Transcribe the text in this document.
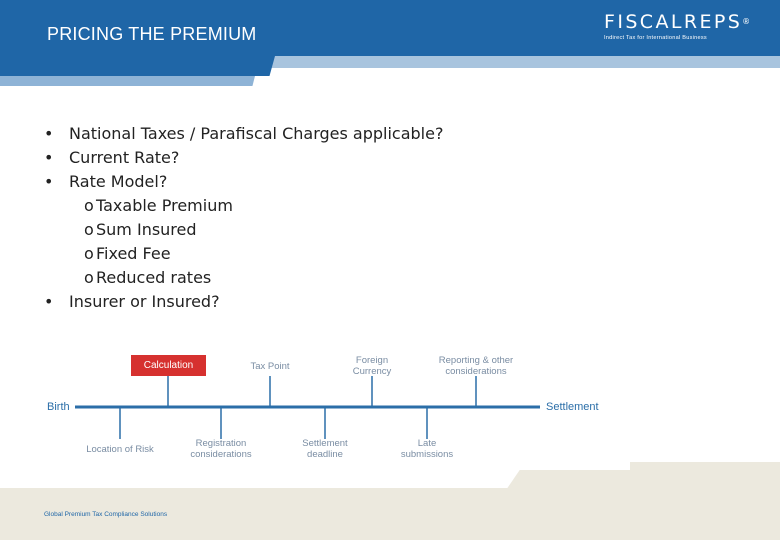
PRICING THE PREMIUM
FISCALREPS®
Indirect Tax for International Business
• National Taxes / Parafiscal Charges applicable?
• Current Rate?
• Rate Model?
o Taxable Premium
o Sum Insured
o Fixed Fee
o Reduced rates
• Insurer or Insured?
Birth	Settlement
Calculation	Tax Point
Foreign
Currency
Reporting & other
considerations
Location of Risk
Registration
considerations
Settlement
deadline
Late
submissions
Global Premium Tax Compliance Solutions
